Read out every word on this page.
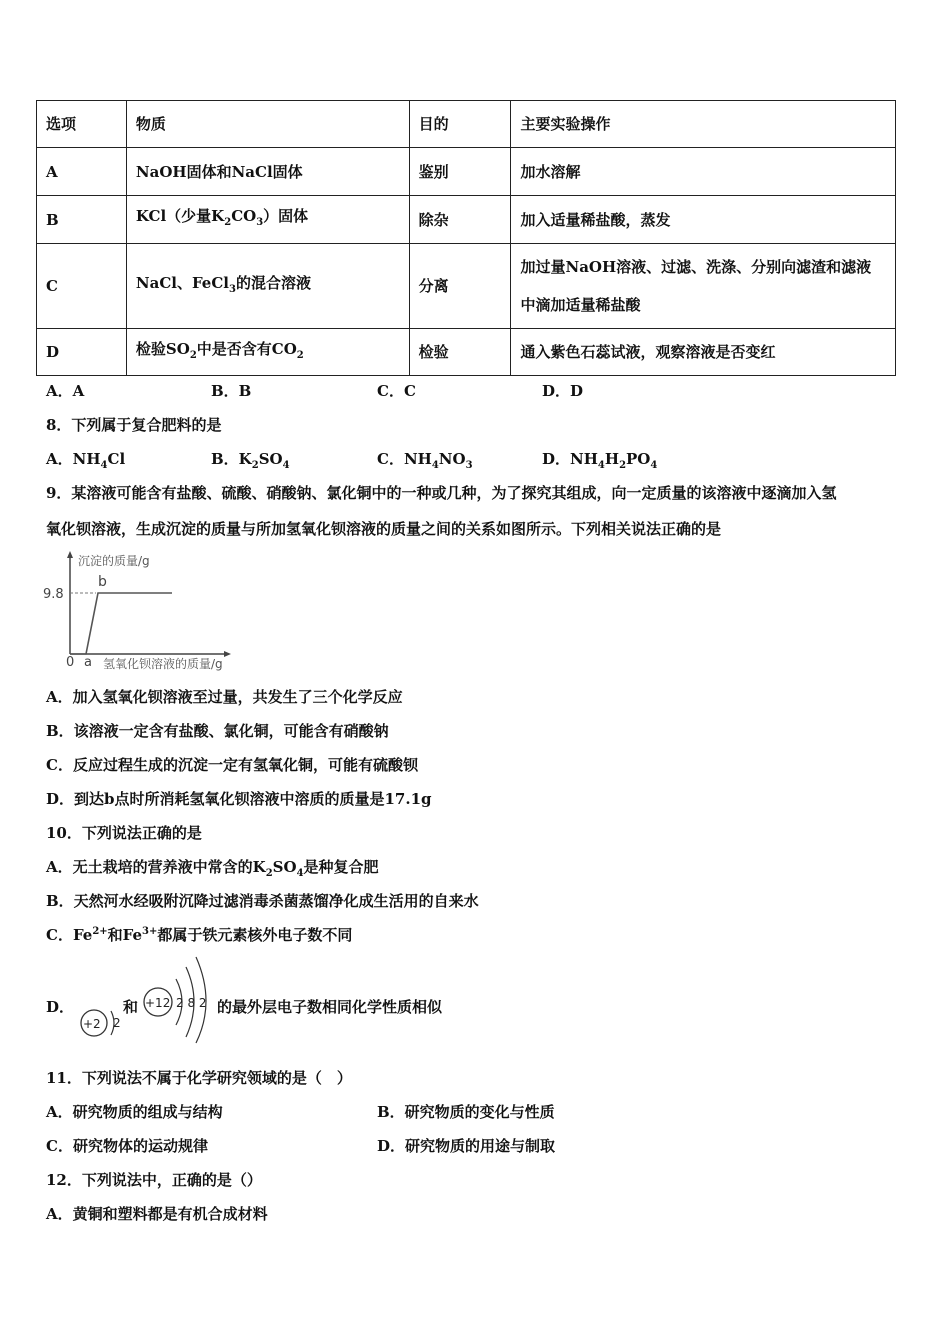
选项	物质	目的	主要实验操作
A	NaOH固体和NaCl固体	鉴别	加水溶解
B	KCl（少量$K_2CO_3$）固体	除杂	加入适量稀盐酸，蒸发
C	NaCl、FeCl$_3$的混合溶液	分离	加过量NaOH溶液、过滤、洗涤、分别向滤渣和滤液
中滴加适量稀盐酸

D	检验$SO_2$中是否含有$CO_2$	检验	通入紫色石蕊试液，观察溶液是否变红
A．A	B．B	C．C	D．D
8．下列属于复合肥料的是
A．$NH_4Cl$	B．$K_2SO_4$	C．$NH_4NO_3$	D．$NH_4H_2PO_4$
9．某溶液可能含有盐酸、硫酸、硝酸钠、氯化铜中的一种或几种，为了探究其组成，向一定质量的该溶液中逐滴加入氢
氧化钡溶液，生成沉淀的质量与所加氢氧化钡溶液的质量之间的关系如图所示。下列相关说法正确的是
沉淀的质量/g
9.8
b
0 a 氢氧化钡溶液的质量/g
A．加入氢氧化钡溶液至过量，共发生了三个化学反应
B．该溶液一定含有盐酸、氯化铜，可能含有硝酸钠
C．反应过程生成的沉淀一定有氢氧化铜，可能有硫酸钡
D．到达b点时所消耗氢氧化钡溶液中溶质的质量是17.1g
10．下列说法正确的是
A．无土栽培的营养液中常含的$K_2SO_4$是种复合肥
B．天然河水经吸附沉降过滤消毒杀菌蒸馏净化成生活用的自来水
C．$Fe^{2+}$和$Fe^{3+}$都属于铁元素核外电子数不同
D．
+2 2
和 +12 2 8 2 的最外层电子数相同化学性质相似
11．下列说法不属于化学研究领域的是（　）
A．研究物质的组成与结构	B．研究物质的变化与性质
C．研究物体的运动规律	D．研究物质的用途与制取
12．下列说法中，正确的是（）
A．黄铜和塑料都是有机合成材料
